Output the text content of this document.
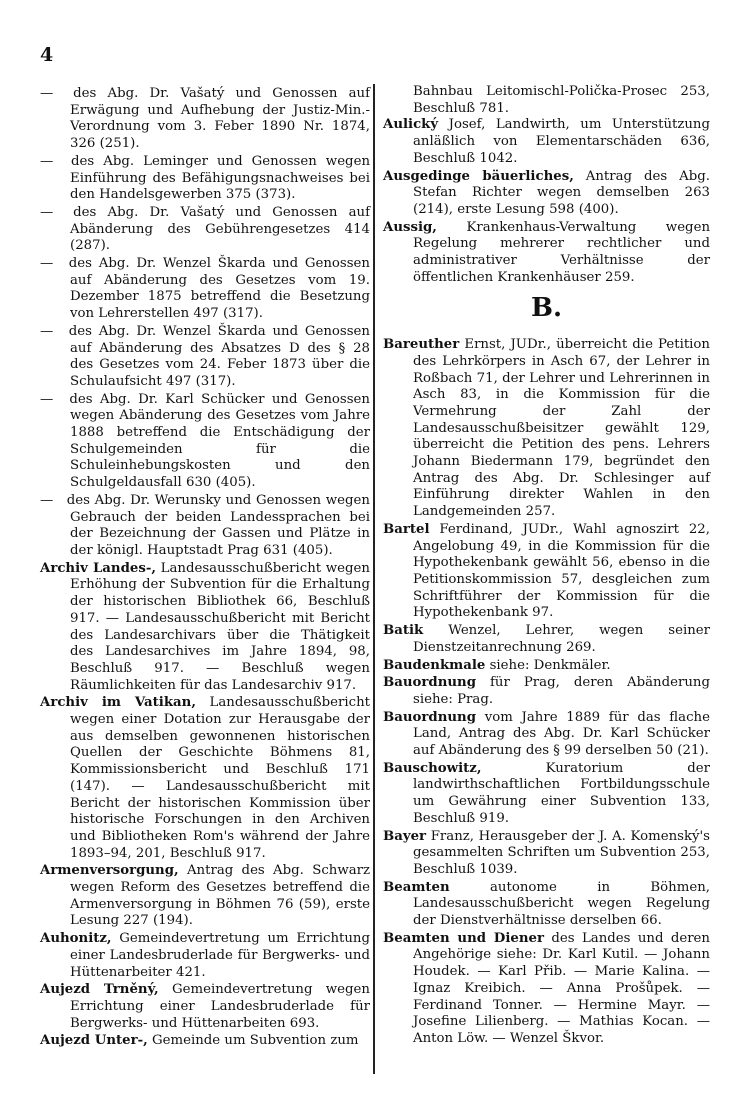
4

— des Abg. Dr. Vašatý und Genossen auf Erwägung und Aufhebung der Justiz-Min.-Verordnung vom 3. Feber 1890 Nr. 1874, 326 (251).

— des Abg. Leminger und Genossen wegen Einführung des Befähigungsnachweises bei den Handelsgewerben 375 (373).

— des Abg. Dr. Vašatý und Genossen auf Abänderung des Gebührengesetzes 414 (287).

— des Abg. Dr. Wenzel Škarda und Genossen auf Abänderung des Gesetzes vom 19. Dezember 1875 betreffend die Besetzung von Lehrerstellen 497 (317).

— des Abg. Dr. Wenzel Škarda und Genossen auf Abänderung des Absatzes D des § 28 des Gesetzes vom 24. Feber 1873 über die Schulaufsicht 497 (317).

— des Abg. Dr. Karl Schücker und Genossen wegen Abänderung des Gesetzes vom Jahre 1888 betreffend die Entschädigung der Schulgemeinden für die Schuleinhebungskosten und den Schulgeldausfall 630 (405).

— des Abg. Dr. Werunsky und Genossen wegen Gebrauch der beiden Landessprachen bei der Bezeichnung der Gassen und Plätze in der königl. Hauptstadt Prag 631 (405).

Archiv Landes-, Landesausschußbericht wegen Erhöhung der Subvention für die Erhaltung der historischen Bibliothek 66, Beschluß 917. — Landesausschußbericht mit Bericht des Landesarchivars über die Thätigkeit des Landesarchives im Jahre 1894, 98, Beschluß 917. — Beschluß wegen Räumlichkeiten für das Landesarchiv 917.

Archiv im Vatikan, Landesausschußbericht wegen einer Dotation zur Herausgabe der aus demselben gewonnenen historischen Quellen der Geschichte Böhmens 81, Kommissionsbericht und Beschluß 171 (147). — Landesausschußbericht mit Bericht der historischen Kommission über historische Forschungen in den Archiven und Bibliotheken Rom's während der Jahre 1893–94, 201, Beschluß 917.

Armenversorgung, Antrag des Abg. Schwarz wegen Reform des Gesetzes betreffend die Armenversorgung in Böhmen 76 (59), erste Lesung 227 (194).

Auhonitz, Gemeindevertretung um Errichtung einer Landesbruderlade für Bergwerks- und Hüttenarbeiter 421.

Aujezd Trněný, Gemeindevertretung wegen Errichtung einer Landesbruderlade für Bergwerks- und Hüttenarbeiten 693.

Aujezd Unter-, Gemeinde um Subvention zum

Bahnbau Leitomischl-Polička-Prosec 253, Beschluß 781.

Aulický Josef, Landwirth, um Unterstützung anläßlich von Elementarschäden 636, Beschluß 1042.

Ausgedinge bäuerliches, Antrag des Abg. Stefan Richter wegen demselben 263 (214), erste Lesung 598 (400).

Aussig, Krankenhaus-Verwaltung wegen Regelung mehrerer rechtlicher und administrativer Verhältnisse der öffentlichen Krankenhäuser 259.

B.

Bareuther Ernst, JUDr., überreicht die Petition des Lehrkörpers in Asch 67, der Lehrer in Roßbach 71, der Lehrer und Lehrerinnen in Asch 83, in die Kommission für die Vermehrung der Zahl der Landesausschußbeisitzer gewählt 129, überreicht die Petition des pens. Lehrers Johann Biedermann 179, begründet den Antrag des Abg. Dr. Schlesinger auf Einführung direkter Wahlen in den Landgemeinden 257.

Bartel Ferdinand, JUDr., Wahl agnoszirt 22, Angelobung 49, in die Kommission für die Hypothekenbank gewählt 56, ebenso in die Petitionskommission 57, desgleichen zum Schriftführer der Kommission für die Hypothekenbank 97.

Batik Wenzel, Lehrer, wegen seiner Dienstzeitanrechnung 269.

Baudenkmale siehe: Denkmäler.

Bauordnung für Prag, deren Abänderung siehe: Prag.

Bauordnung vom Jahre 1889 für das flache Land, Antrag des Abg. Dr. Karl Schücker auf Abänderung des § 99 derselben 50 (21).

Bauschowitz,	Kuratorium der landwirthschaftlichen Fortbildungsschule um Gewährung einer Subvention 133, Beschluß 919.

Bayer Franz, Herausgeber der J. A. Komenský's gesammelten Schriften um Subvention 253, Beschluß 1039.

Beamten	autonome in Böhmen, Landesausschußbericht wegen Regelung der Dienstverhältnisse derselben 66.

Beamten und Diener des Landes und deren Angehörige siehe: Dr. Karl Kutil. — Johann Houdek. — Karl Přib. — Marie Kalina. — Ignaz Kreibich. — Anna Prošůpek. — Ferdinand Tonner. — Hermine Mayr. — Josefine Lilienberg. — Mathias Kocan. — Anton Löw. — Wenzel Škvor.
